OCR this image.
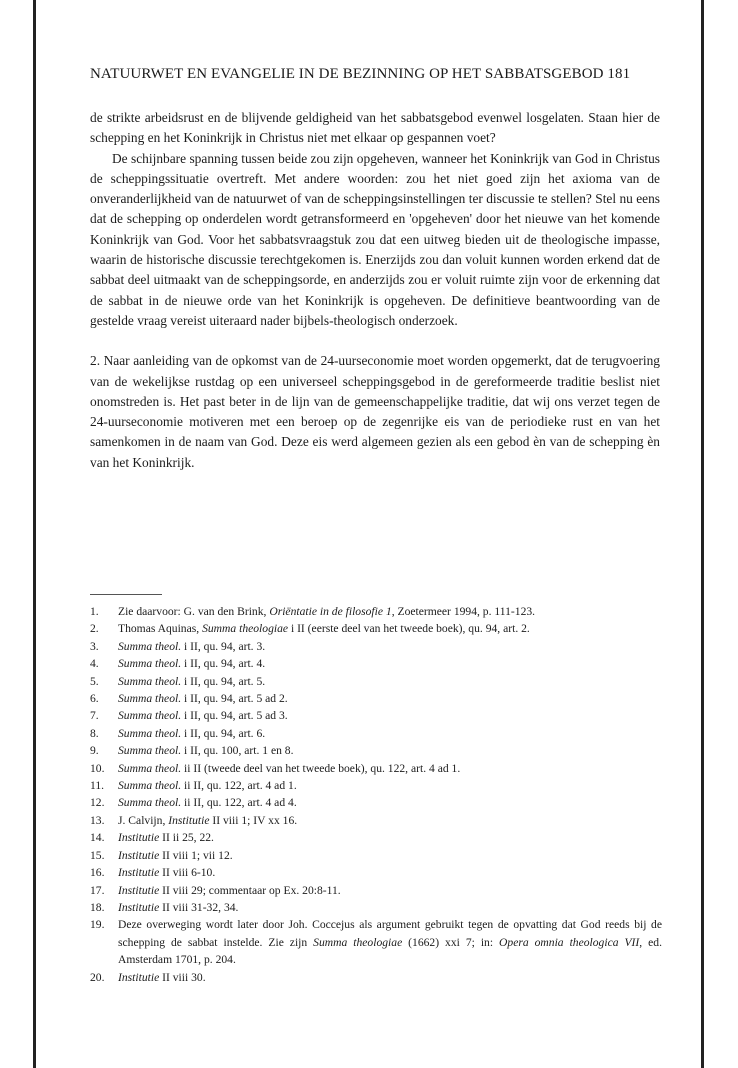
NATUURWET EN EVANGELIE IN DE BEZINNING OP HET SABBATSGEBOD 181

de strikte arbeidsrust en de blijvende geldigheid van het sabbatsgebod evenwel losgelaten. Staan hier de schepping en het Koninkrijk in Christus niet met elkaar op gespannen voet?

De schijnbare spanning tussen beide zou zijn opgeheven, wanneer het Koninkrijk van God in Christus de scheppingssituatie overtreft. Met andere woorden: zou het niet goed zijn het axioma van de onveranderlijkheid van de natuurwet of van de scheppingsinstellingen ter discussie te stellen? Stel nu eens dat de schepping op onderdelen wordt getransformeerd en 'opgeheven' door het nieuwe van het komende Koninkrijk van God. Voor het sabbatsvraagstuk zou dat een uitweg bieden uit de theologische impasse, waarin de historische discussie terechtgekomen is. Enerzijds zou dan voluit kunnen worden erkend dat de sabbat deel uitmaakt van de scheppingsorde, en anderzijds zou er voluit ruimte zijn voor de erkenning dat de sabbat in de nieuwe orde van het Koninkrijk is opgeheven. De definitieve beantwoording van de gestelde vraag vereist uiteraard nader bijbels-theologisch onderzoek.

2. Naar aanleiding van de opkomst van de 24-uurseconomie moet worden opgemerkt, dat de terugvoering van de wekelijkse rustdag op een universeel scheppingsgebod in de gereformeerde traditie beslist niet onomstreden is. Het past beter in de lijn van de gemeenschappelijke traditie, dat wij ons verzet tegen de 24-uurseconomie motiveren met een beroep op de zegenrijke eis van de periodieke rust en van het samenkomen in de naam van God. Deze eis werd algemeen gezien als een gebod èn van de schepping èn van het Koninkrijk.

1.	Zie daarvoor: G. van den Brink, Oriëntatie in de filosofie 1, Zoetermeer 1994, p. 111-123.
2.	Thomas Aquinas, Summa theologiae i II (eerste deel van het tweede boek), qu. 94, art. 2.
3.	Summa theol. i II, qu. 94, art. 3.
4.	Summa theol. i II, qu. 94, art. 4.
5.	Summa theol. i II, qu. 94, art. 5.
6.	Summa theol. i II, qu. 94, art. 5 ad 2.
7.	Summa theol. i II, qu. 94, art. 5 ad 3.
8.	Summa theol. i II, qu. 94, art. 6.
9.	Summa theol. i II, qu. 100, art. 1 en 8.
10.	Summa theol. ii II (tweede deel van het tweede boek), qu. 122, art. 4 ad 1.
11.	Summa theol. ii II, qu. 122, art. 4 ad 1.
12.	Summa theol. ii II, qu. 122, art. 4 ad 4.
13.	J. Calvijn, Institutie II viii 1; IV xx 16.
14.	Institutie II ii 25, 22.
15.	Institutie II viii 1; vii 12.
16.	Institutie II viii 6-10.
17.	Institutie II viii 29; commentaar op Ex. 20:8-11.
18.	Institutie II viii 31-32, 34.
19.	Deze overweging wordt later door Joh. Coccejus als argument gebruikt tegen de opvatting dat God reeds bij de schepping de sabbat instelde. Zie zijn Summa theologiae (1662) xxi 7; in: Opera omnia theologica VII, ed. Amsterdam 1701, p. 204.
20.	Institutie II viii 30.
